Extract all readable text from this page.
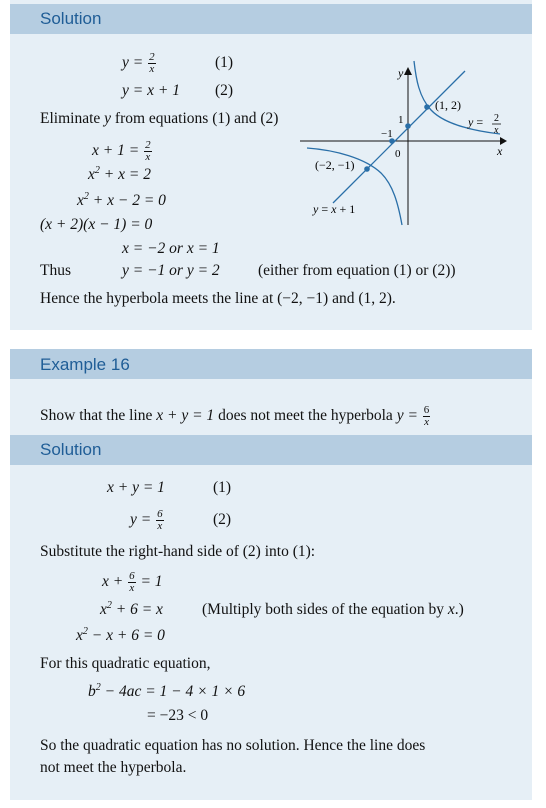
Solution
$y = \frac{2}{x}$	(1)
y = x + 1 (2)
Eliminate y from equations (1) and (2)
$x + 1 = \frac{2}{x}$
$x^2 + x = 2$
$x^2 + x - 2 = 0$
(x + 2)(x − 1) = 0
x = −2 or x = 1
Thus	y = −1 or y = 2 (either from equation (1) or (2))
Hence the hyperbola meets the line at (−2, −1) and (1, 2).
y
x
0
1
−1
(1, 2)
(−2, −1)
y = x + 1
y = 2
x
Example 16
Show that the line x + y = 1 does not meet the hyperbola $y = \frac{6}{x}$
Solution
x + y = 1	(1)
$y = \frac{6}{x}$	(2)
Substitute the right-hand side of (2) into (1):
$x + \frac{6}{x} = 1$
$x^2 + 6 = x$	(Multiply both sides of the equation by x.)
$x^2 - x + 6 = 0$
For this quadratic equation,
$b^2 - 4ac = 1 - 4 \times 1 \times 6$
= −23 < 0
So the quadratic equation has no solution. Hence the line does
not meet the hyperbola.
